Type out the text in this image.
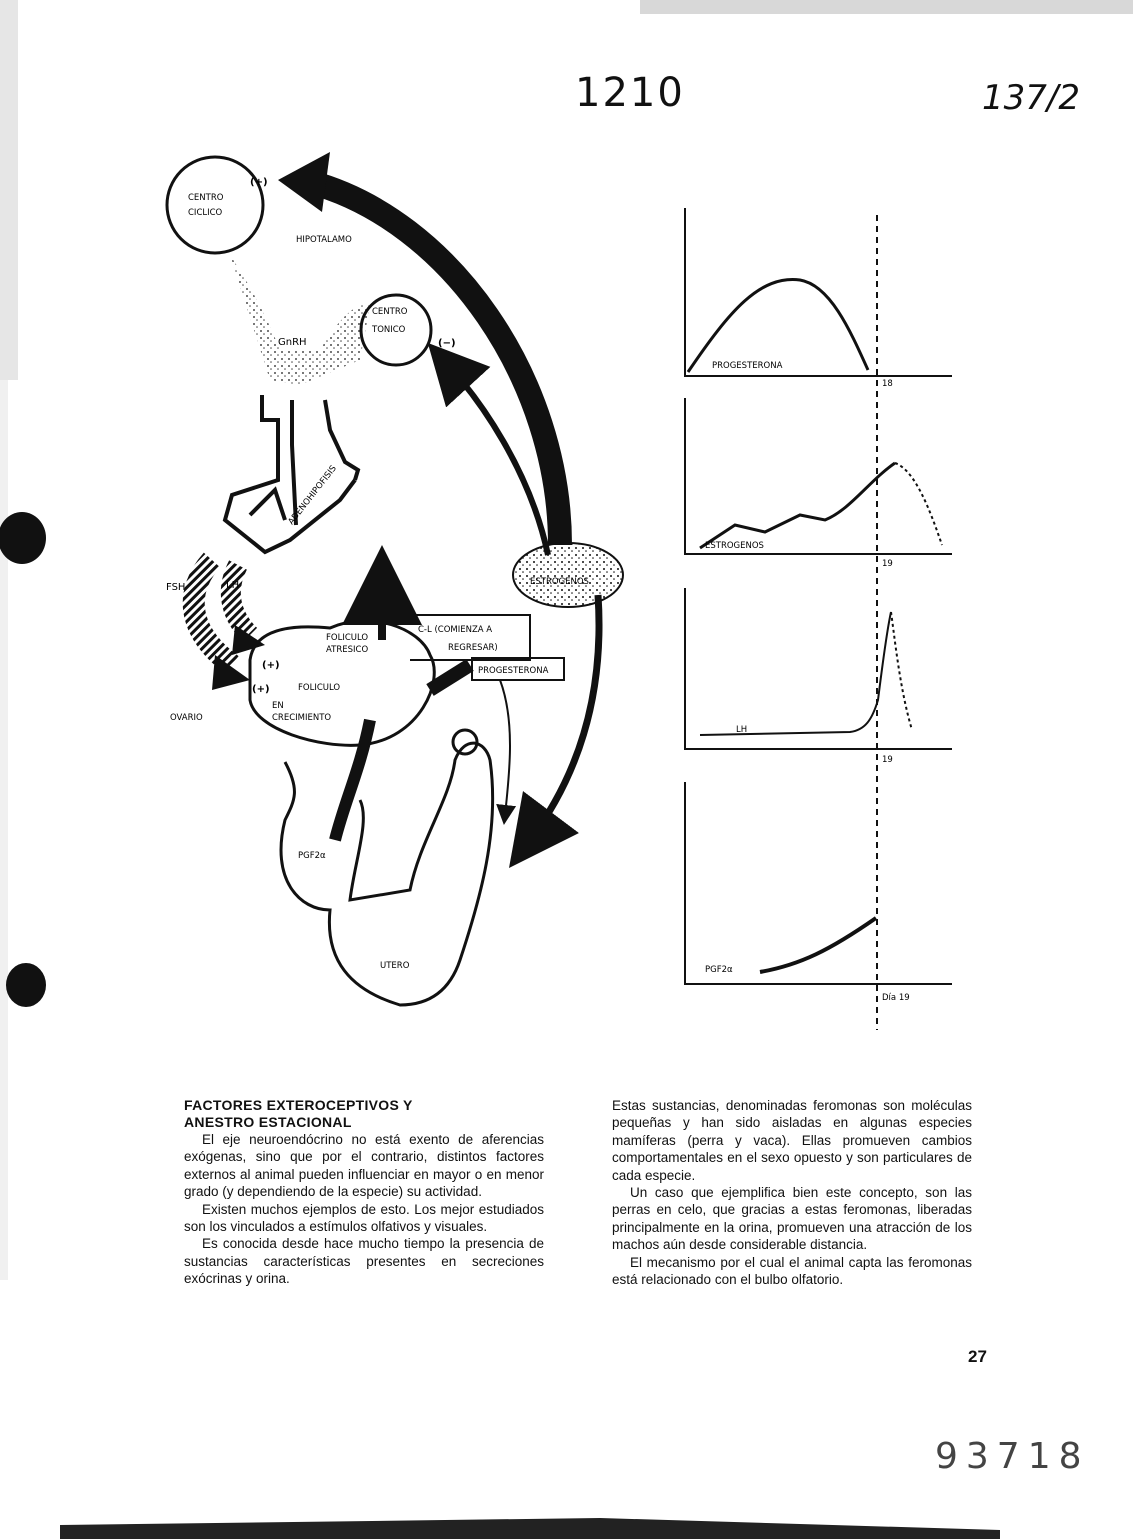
1210	137/2
CENTRO
CICLICO
(+)
HIPOTALAMO
CENTRO
TONICO
(−)
GnRH
ADENOHIPOFISIS
FSH	LH	ESTROGENOS
FOLICULO
ATRESICO
FOLICULO
EN
CRECIMIENTO
(+)
(+)
OVARIO
C-L (COMIENZA A
REGRESAR)
PROGESTERONA
PGF2α
UTERO
PROGESTERONA
18
ESTROGENOS
19
LH
19
PGF2α
Día 19
FACTORES EXTEROCEPTIVOS Y
ANESTRO ESTACIONAL

El eje neuroendócrino no está exento de aferencias exógenas, sino que por el contrario, distintos factores externos al animal pueden influenciar en mayor o en menor grado (y dependiendo de la especie) su actividad.

Existen muchos ejemplos de esto. Los mejor estudiados son los vinculados a estímulos olfativos y visuales.

Es conocida desde hace mucho tiempo la presencia de sustancias características presentes en secreciones exócrinas y orina.

Estas sustancias, denominadas feromonas son moléculas pequeñas y han sido aisladas en algunas especies mamíferas (perra y vaca). Ellas promueven cambios comportamentales en el sexo opuesto y son particulares de cada especie.

Un caso que ejemplifica bien este concepto, son las perras en celo, que gracias a estas feromonas, liberadas principalmente en la orina, promueven una atracción de los machos aún desde considerable distancia.

El mecanismo por el cual el animal capta las feromonas está relacionado con el bulbo olfatorio.

27
93718
